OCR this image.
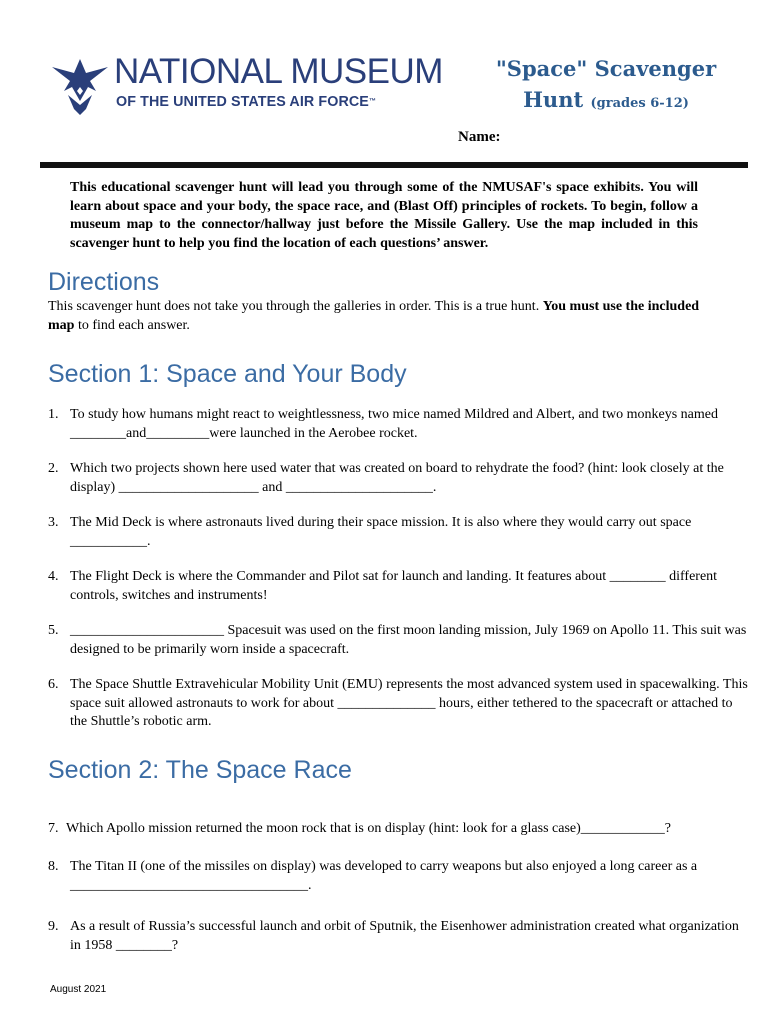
NATIONAL MUSEUM
OF THE UNITED STATES AIR FORCE™
"Space" Scavenger
Hunt (grades 6-12)
Name:
This educational scavenger hunt will lead you through some of the NMUSAF's space exhibits. You will learn about space and your body, the space race, and (Blast Off) principles of rockets. To begin, follow a museum map to the connector/hallway just before the Missile Gallery. Use the map included in this scavenger hunt to help you find the location of each questions’ answer.
Directions
This scavenger hunt does not take you through the galleries in order. This is a true hunt. You must use the included map to find each answer.
Section 1: Space and Your Body
1. To study how humans might react to weightlessness, two mice named Mildred and Albert, and two monkeys named ________and_________were launched in the Aerobee rocket.
2. Which two projects shown here used water that was created on board to rehydrate the food? (hint: look closely at the display) ____________________ and _____________________.
3. The Mid Deck is where astronauts lived during their space mission. It is also where they would carry out space ___________.
4. The Flight Deck is where the Commander and Pilot sat for launch and landing. It features about ________ different controls, switches and instruments!
5. ______________________ Spacesuit was used on the first moon landing mission, July 1969 on Apollo 11. This suit was designed to be primarily worn inside a spacecraft.
6. The Space Shuttle Extravehicular Mobility Unit (EMU) represents the most advanced system used in spacewalking. This space suit allowed astronauts to work for about ______________ hours, either tethered to the spacecraft or attached to the Shuttle’s robotic arm.
Section 2: The Space Race
7. Which Apollo mission returned the moon rock that is on display (hint: look for a glass case)____________?
8. The Titan II (one of the missiles on display) was developed to carry weapons but also enjoyed a long career as a __________________________________.
9. As a result of Russia’s successful launch and orbit of Sputnik, the Eisenhower administration created what organization in 1958 ________?
August 2021
